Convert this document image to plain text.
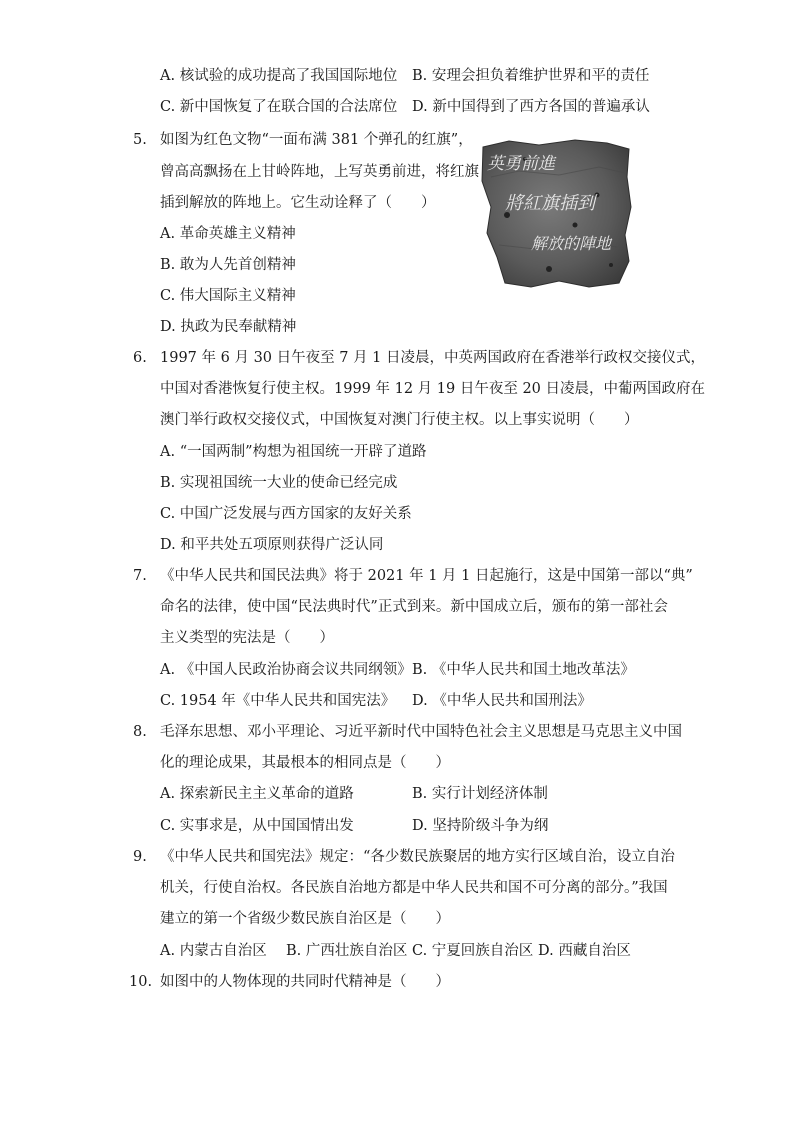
A. 核试验的成功提高了我国国际地位 B. 安理会担负着维护世界和平的责任
C. 新中国恢复了在联合国的合法席位 D. 新中国得到了西方各国的普遍承认
5. 如图为红色文物“一面布满 381 个弹孔的红旗”，
曾高高飘扬在上甘岭阵地，上写英勇前进，将红旗
插到解放的阵地上。它生动诠释了（　　）
A. 革命英雄主义精神
B. 敢为人先首创精神
C. 伟大国际主义精神
D. 执政为民奉献精神
英勇前進
將紅旗插到
解放的陣地
6. 1997 年 6 月 30 日午夜至 7 月 1 日凌晨，中英两国政府在香港举行政权交接仪式，
中国对香港恢复行使主权。1999 年 12 月 19 日午夜至 20 日凌晨，中葡两国政府在
澳门举行政权交接仪式，中国恢复对澳门行使主权。以上事实说明（　　）
A. “一国两制”构想为祖国统一开辟了道路
B. 实现祖国统一大业的使命已经完成
C. 中国广泛发展与西方国家的友好关系
D. 和平共处五项原则获得广泛认同
7. 《中华人民共和国民法典》将于 2021 年 1 月 1 日起施行，这是中国第一部以“典”
命名的法律，使中国“民法典时代”正式到来。新中国成立后，颁布的第一部社会
主义类型的宪法是（　　）
A. 《中国人民政治协商会议共同纲领》 B. 《中华人民共和国土地改革法》
C. 1954 年《中华人民共和国宪法》 D. 《中华人民共和国刑法》
8. 毛泽东思想、邓小平理论、习近平新时代中国特色社会主义思想是马克思主义中国
化的理论成果，其最根本的相同点是（　　）
A. 探索新民主主义革命的道路	B. 实行计划经济体制
C. 实事求是，从中国国情出发	D. 坚持阶级斗争为纲
9. 《中华人民共和国宪法》规定：“各少数民族聚居的地方实行区域自治，设立自治
机关，行使自治权。各民族自治地方都是中华人民共和国不可分离的部分。”我国
建立的第一个省级少数民族自治区是（　　）
A. 内蒙古自治区 B. 广西壮族自治区 C. 宁夏回族自治区 D. 西藏自治区
10. 如图中的人物体现的共同时代精神是（　　）
